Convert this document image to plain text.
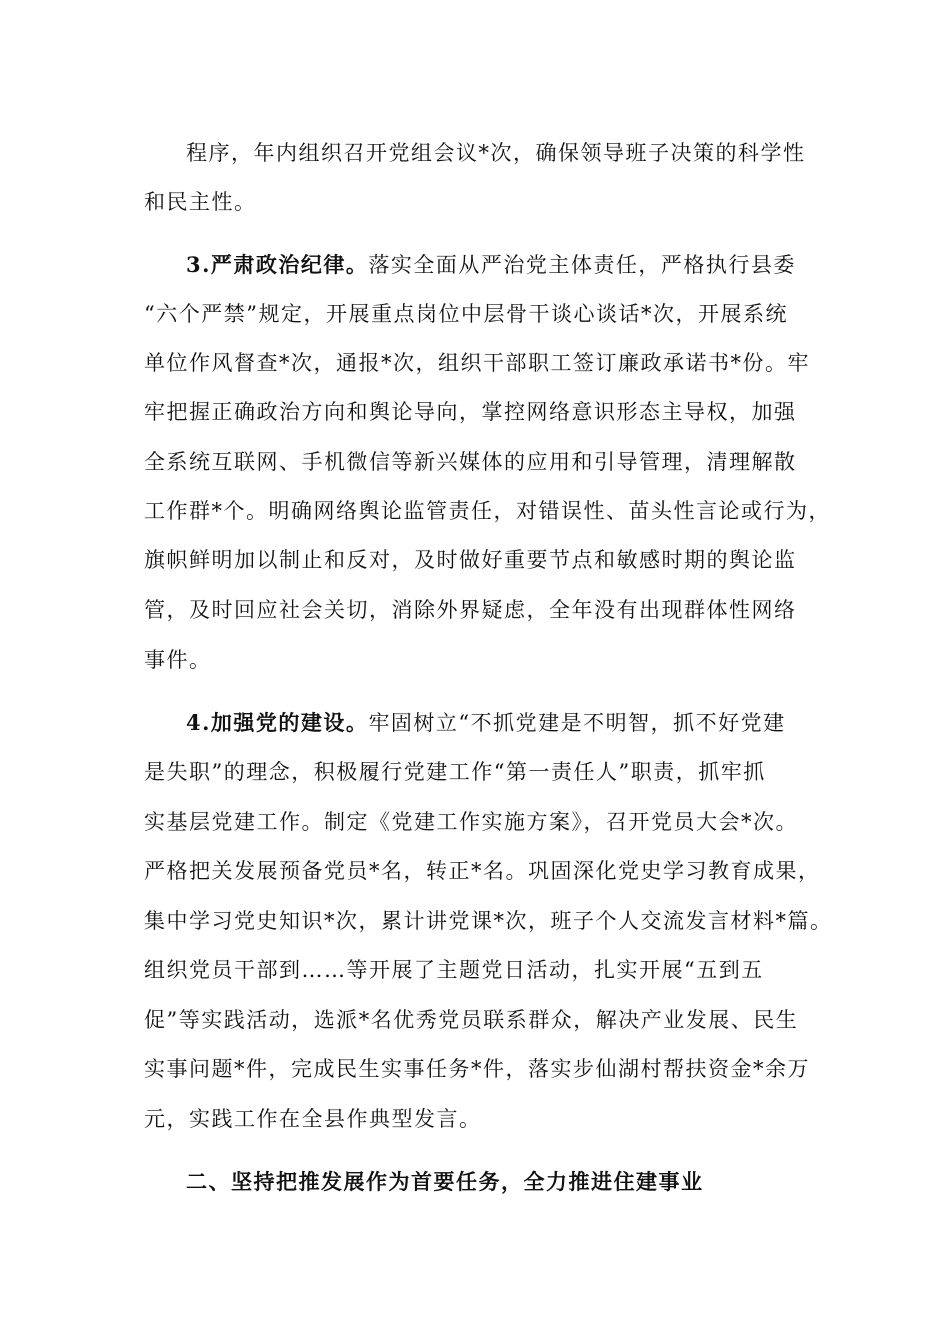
程序，年内组织召开党组会议*次，确保领导班子决策的科学性
和民主性。
3.严肃政治纪律。落实全面从严治党主体责任，严格执行县委
“六个严禁”规定，开展重点岗位中层骨干谈心谈话*次，开展系统
单位作风督查*次，通报*次，组织干部职工签订廉政承诺书*份。牢
牢把握正确政治方向和舆论导向，掌控网络意识形态主导权，加强
全系统互联网、手机微信等新兴媒体的应用和引导管理，清理解散
工作群*个。明确网络舆论监管责任，对错误性、苗头性言论或行为，
旗帜鲜明加以制止和反对，及时做好重要节点和敏感时期的舆论监
管，及时回应社会关切，消除外界疑虑，全年没有出现群体性网络
事件。
4.加强党的建设。牢固树立“不抓党建是不明智，抓不好党建
是失职”的理念，积极履行党建工作“第一责任人”职责，抓牢抓
实基层党建工作。制定《党建工作实施方案》，召开党员大会*次。
严格把关发展预备党员*名，转正*名。巩固深化党史学习教育成果，
集中学习党史知识*次，累计讲党课*次，班子个人交流发言材料*篇。
组织党员干部到……等开展了主题党日活动，扎实开展“五到五
促”等实践活动，选派*名优秀党员联系群众，解决产业发展、民生
实事问题*件，完成民生实事任务*件，落实步仙湖村帮扶资金*余万
元，实践工作在全县作典型发言。
二、坚持把推发展作为首要任务，全力推进住建事业
